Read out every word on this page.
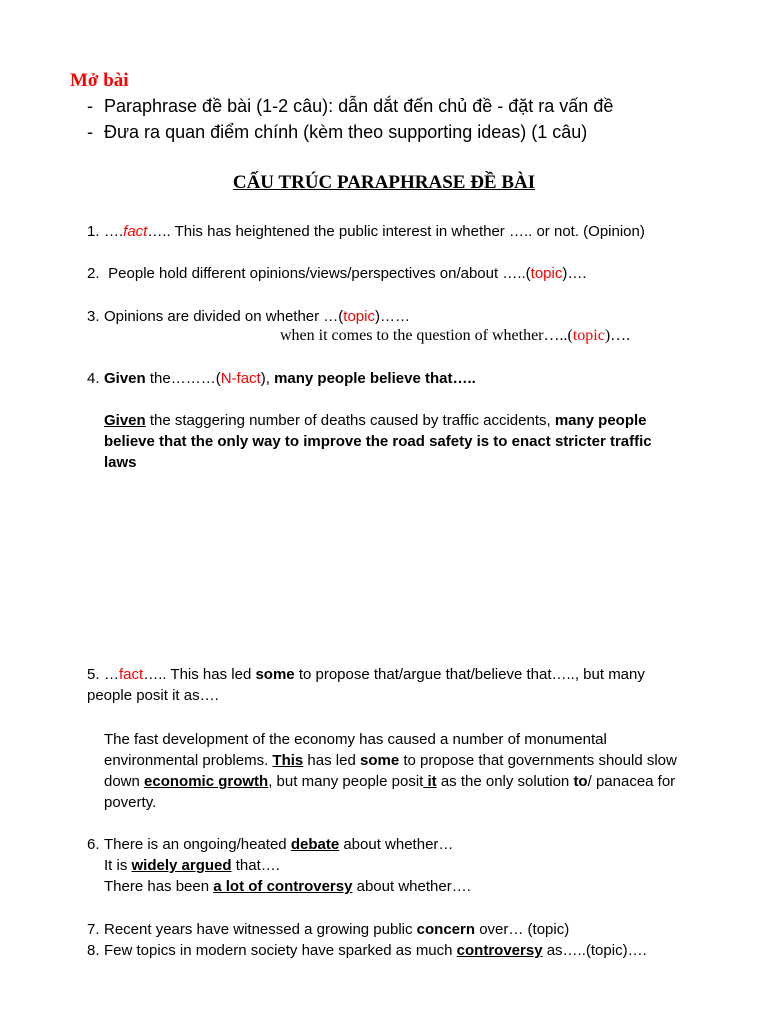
Mở bài
- Paraphrase đề bài (1-2 câu): dẫn dắt đến chủ đề - đặt ra vấn đề
- Đưa ra quan điểm chính (kèm theo supporting ideas) (1 câu)
CẤU TRÚC PARAPHRASE ĐỀ BÀI
1. ….fact….. This has heightened the public interest in whether ….. or not. (Opinion)
2. People hold different opinions/views/perspectives on/about …..(topic)….
3. Opinions are divided on whether …(topic)……
when it comes to the question of whether…..(topic)….
4. Given the………(N-fact), many people believe that…..
Given the staggering number of deaths caused by traffic accidents, many people believe that the only way to improve the road safety is to enact stricter traffic laws
5. …fact….. This has led some to propose that/argue that/believe that….., but many people posit it as….
The fast development of the economy has caused a number of monumental environmental problems. This has led some to propose that governments should slow down economic growth, but many people posit it as the only solution to/ panacea for poverty.
6. There is an ongoing/heated debate about whether…
It is widely argued that….
There has been a lot of controversy about whether….
7. Recent years have witnessed a growing public concern over… (topic)
8. Few topics in modern society have sparked as much controversy as…..(topic)….
